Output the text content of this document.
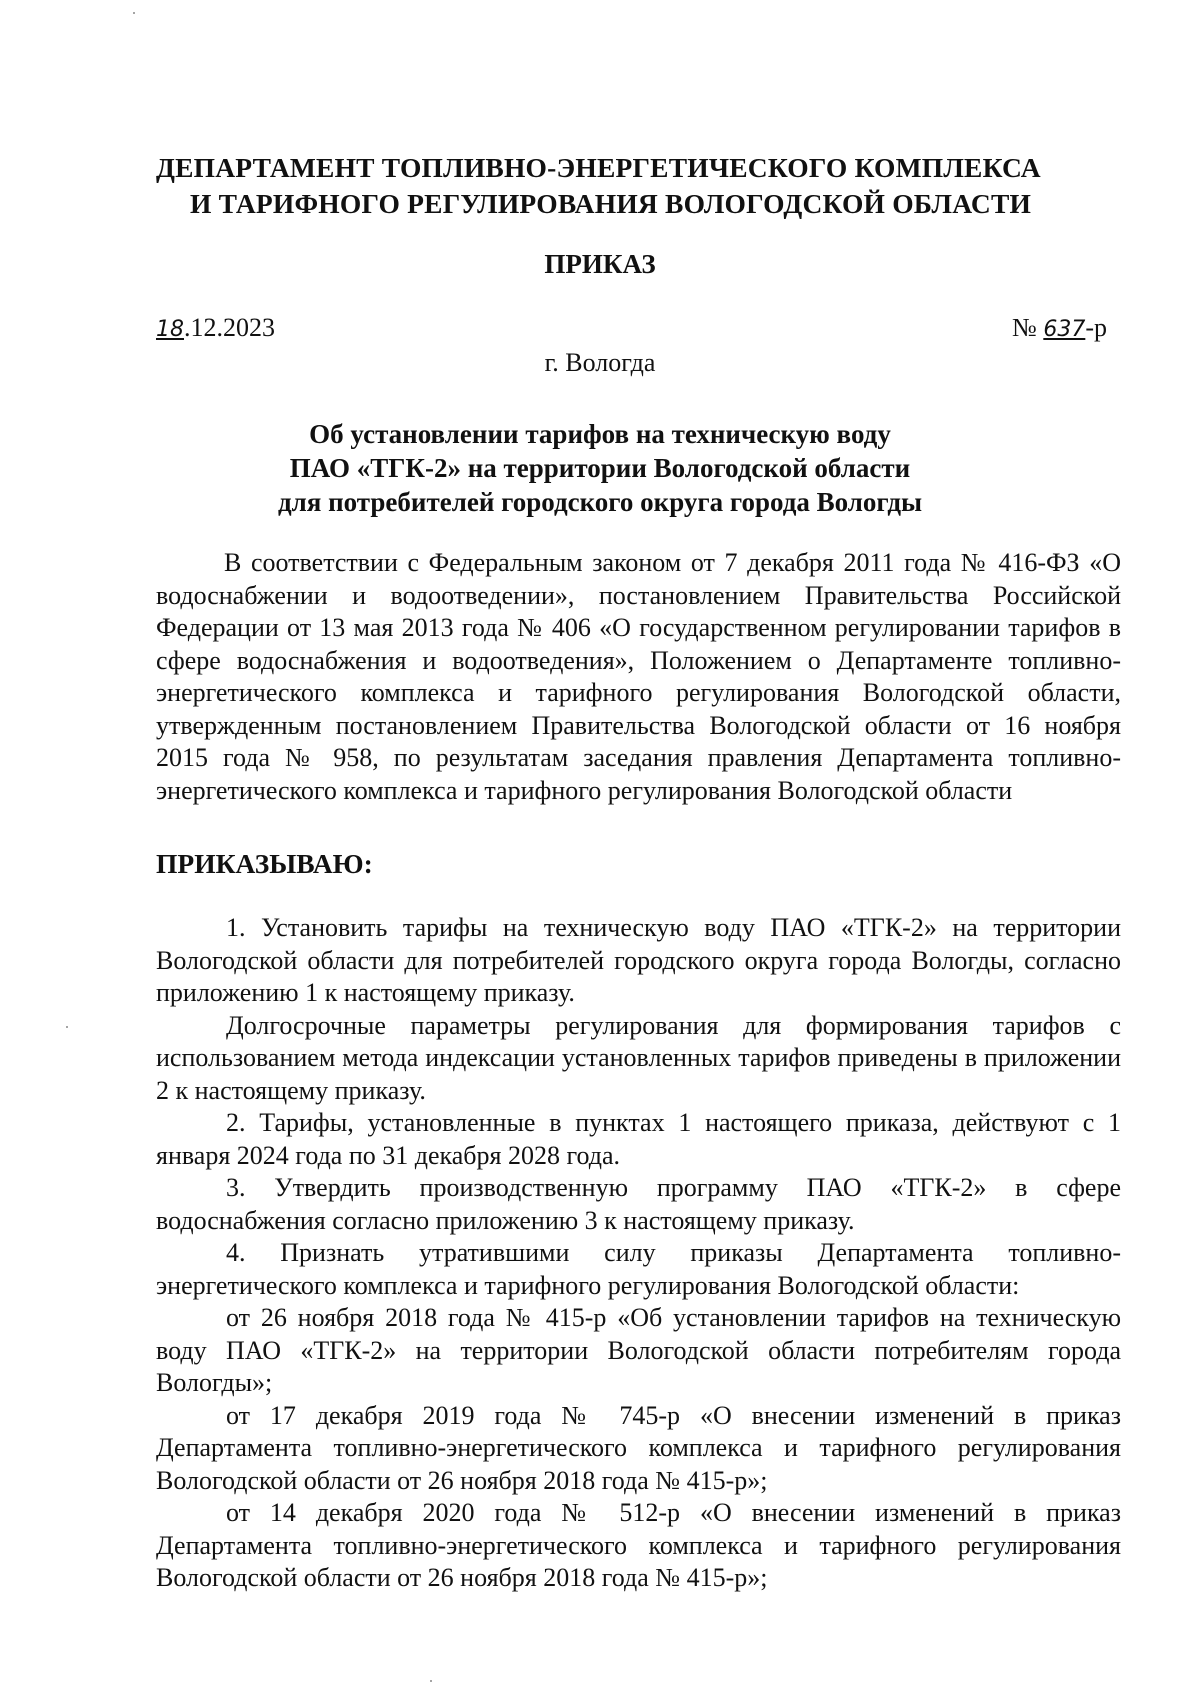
ДЕПАРТАМЕНТ ТОПЛИВНО-ЭНЕРГЕТИЧЕСКОГО КОМПЛЕКСА
И ТАРИФНОГО РЕГУЛИРОВАНИЯ ВОЛОГОДСКОЙ ОБЛАСТИ
ПРИКАЗ
18.12.2023	№ 637-р
г. Вологда
Об установлении тарифов на техническую воду
ПАО «ТГК-2» на территории Вологодской области
для потребителей городского округа города Вологды

В соответствии с Федеральным законом от 7 декабря 2011 года № 416-ФЗ «О водоснабжении и водоотведении», постановлением Правительства Российской Федерации от 13 мая 2013 года № 406 «О государственном регулировании тарифов в сфере водоснабжения и водоотведения», Положением о Департаменте топливно-энергетического комплекса и тарифного регулирования Вологодской области, утвержденным постановлением Правительства Вологодской области от 16 ноября 2015 года № 958, по результатам заседания правления Департамента топливно-энергетического комплекса и тарифного регулирования Вологодской области

ПРИКАЗЫВАЮ:

1. Установить тарифы на техническую воду ПАО «ТГК-2» на территории Вологодской области для потребителей городского округа города Вологды, согласно приложению 1 к настоящему приказу.

Долгосрочные параметры регулирования для формирования тарифов с использованием метода индексации установленных тарифов приведены в приложении 2 к настоящему приказу.

2. Тарифы, установленные в пунктах 1 настоящего приказа, действуют с 1 января 2024 года по 31 декабря 2028 года.

3. Утвердить производственную программу ПАО «ТГК-2» в сфере водоснабжения согласно приложению 3 к настоящему приказу.

4. Признать утратившими силу приказы Департамента топливно-энергетического комплекса и тарифного регулирования Вологодской области:

от 26 ноября 2018 года № 415-р «Об установлении тарифов на техническую воду ПАО «ТГК-2» на территории Вологодской области потребителям города Вологды»;

от 17 декабря 2019 года № 745-р «О внесении изменений в приказ Департамента топливно-энергетического комплекса и тарифного регулирования Вологодской области от 26 ноября 2018 года № 415-р»;

от 14 декабря 2020 года № 512-р «О внесении изменений в приказ Департамента топливно-энергетического комплекса и тарифного регулирования Вологодской области от 26 ноября 2018 года № 415-р»;
